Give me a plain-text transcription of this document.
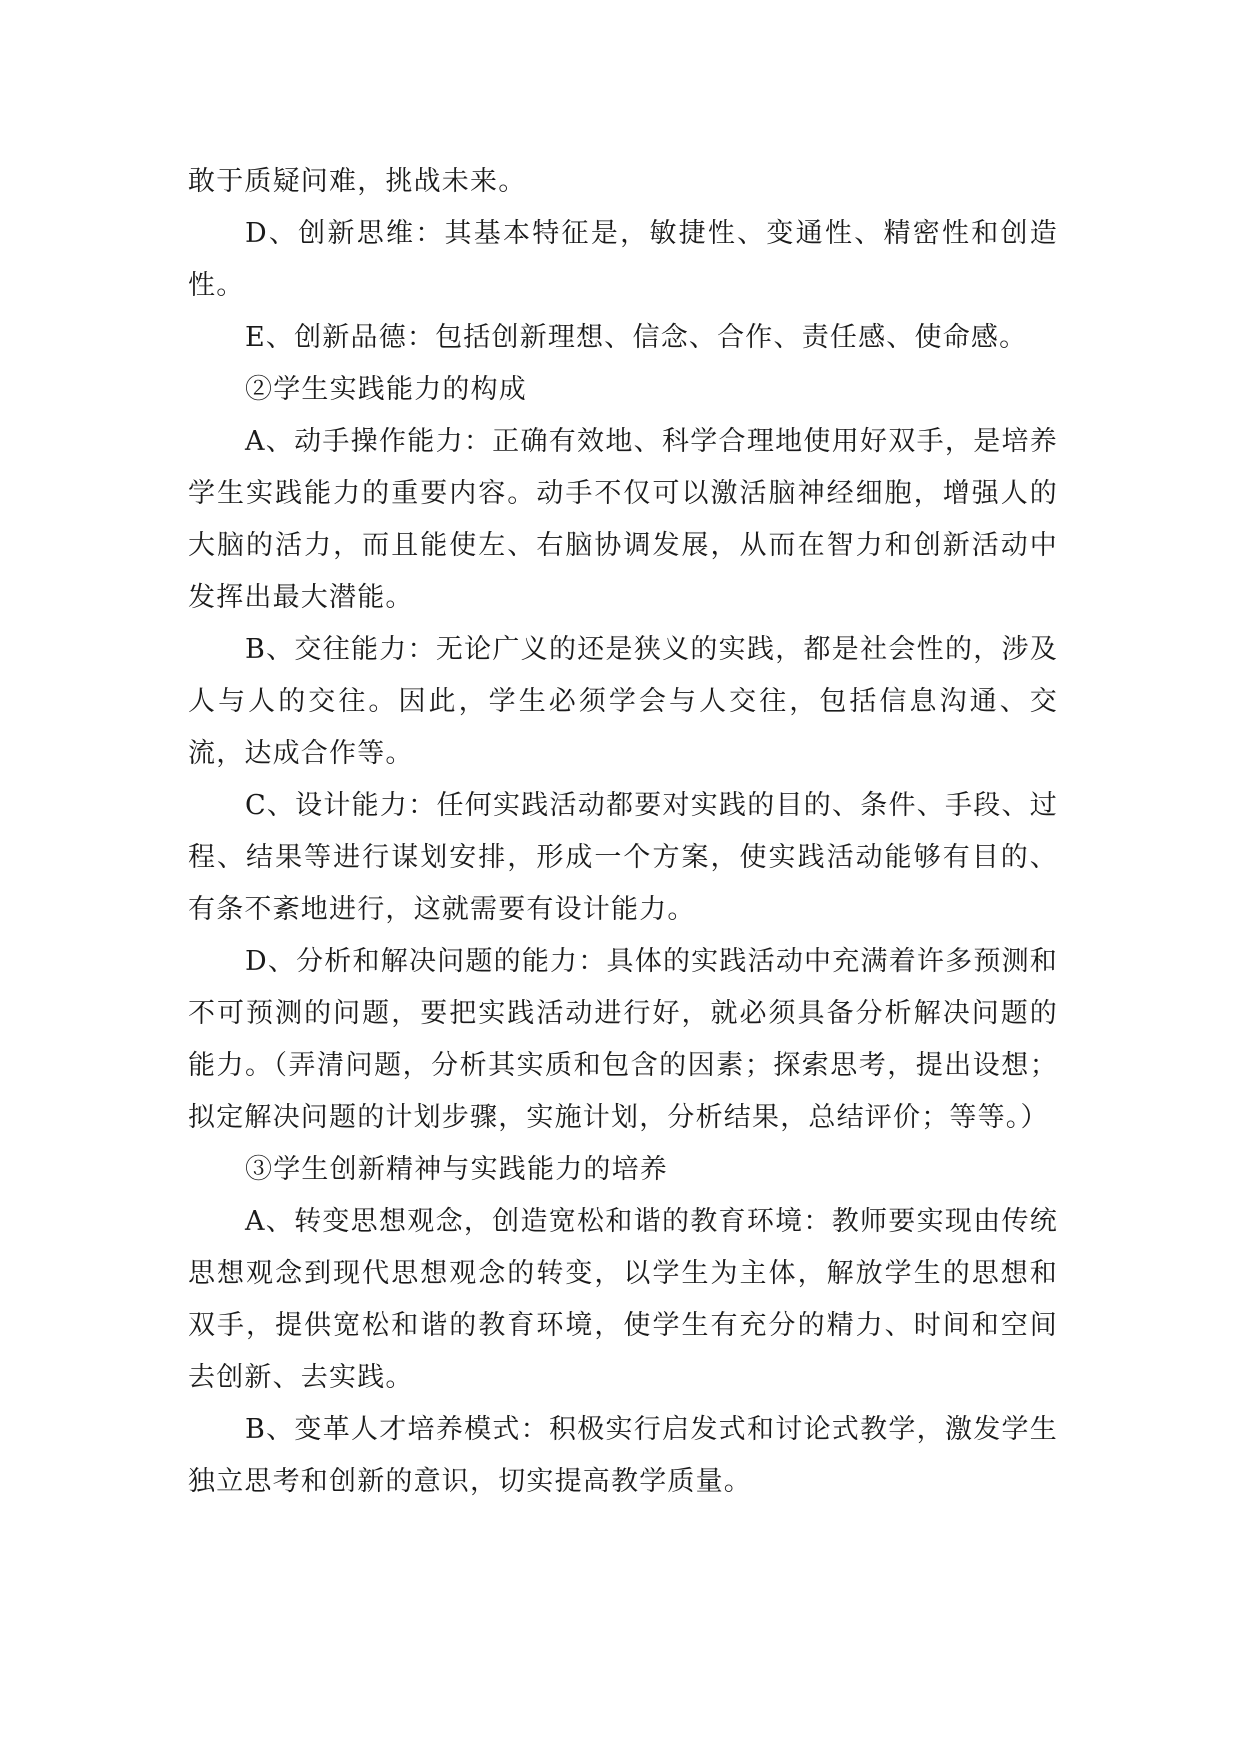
敢于质疑问难，挑战未来。

D、创新思维：其基本特征是，敏捷性、变通性、精密性和创造性。

E、创新品德：包括创新理想、信念、合作、责任感、使命感。

②学生实践能力的构成

A、动手操作能力：正确有效地、科学合理地使用好双手，是培养学生实践能力的重要内容。动手不仅可以激活脑神经细胞，增强人的大脑的活力，而且能使左、右脑协调发展，从而在智力和创新活动中发挥出最大潜能。

B、交往能力：无论广义的还是狭义的实践，都是社会性的，涉及人与人的交往。因此，学生必须学会与人交往，包括信息沟通、交流，达成合作等。

C、设计能力：任何实践活动都要对实践的目的、条件、手段、过程、结果等进行谋划安排，形成一个方案，使实践活动能够有目的、有条不紊地进行，这就需要有设计能力。

D、分析和解决问题的能力：具体的实践活动中充满着许多预测和不可预测的问题，要把实践活动进行好，就必须具备分析解决问题的能力。（弄清问题，分析其实质和包含的因素；探索思考，提出设想；拟定解决问题的计划步骤，实施计划，分析结果，总结评价；等等。）

③学生创新精神与实践能力的培养

A、转变思想观念，创造宽松和谐的教育环境：教师要实现由传统思想观念到现代思想观念的转变，以学生为主体，解放学生的思想和双手，提供宽松和谐的教育环境，使学生有充分的精力、时间和空间去创新、去实践。

B、变革人才培养模式：积极实行启发式和讨论式教学，激发学生独立思考和创新的意识，切实提高教学质量。
